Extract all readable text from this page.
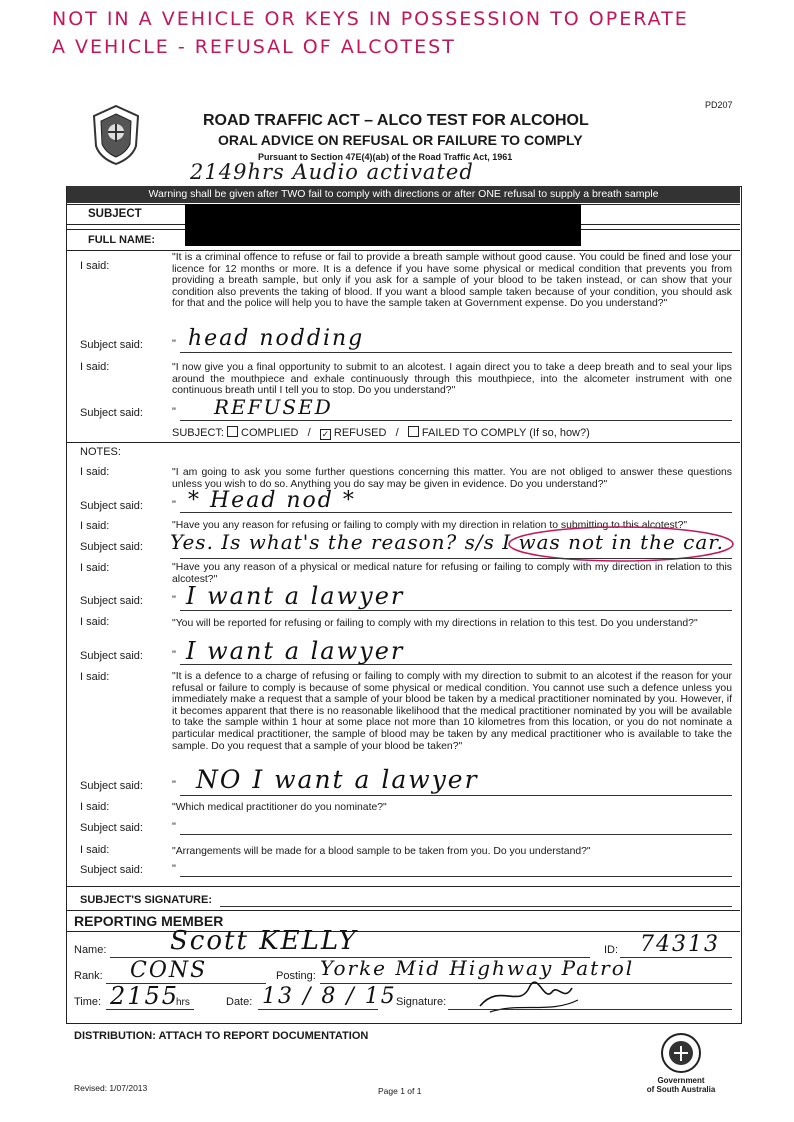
NOT IN A VEHICLE OR KEYS IN POSSESSION TO OPERATE
A VEHICLE - REFUSAL OF ALCOTEST
PD207
ROAD TRAFFIC ACT – ALCO TEST FOR ALCOHOL
ORAL ADVICE ON REFUSAL OR FAILURE TO COMPLY
Pursuant to Section 47E(4)(ab) of the Road Traffic Act, 1961
2149hrs Audio activated
Warning shall be given after TWO fail to comply with directions or after ONE refusal to supply a breath sample
SUBJECT
FULL NAME:
I said:
"It is a criminal offence to refuse or fail to provide a breath sample without good cause. You could be fined and lose your licence for 12 months or more. It is a defence if you have some physical or medical condition that prevents you from providing a breath sample, but only if you ask for a sample of your blood to be taken instead, or can show that your condition also prevents the taking of blood. If you want a blood sample taken because of your condition, you should ask for that and the police will help you to have the sample taken at Government expense. Do you understand?"
Subject said:	" head nodding
I said:	"I now give you a final opportunity to submit to an alcotest. I again direct you to take a deep breath and to seal your lips around the mouthpiece and exhale continuously through this mouthpiece, into the alcometer instrument with one continuous breath until I tell you to stop. Do you understand?"
Subject said:	" REFUSED
SUBJECT: COMPLIED   /   ✓ REFUSED   /   FAILED TO COMPLY (If so, how?)
NOTES:
I said:	"I am going to ask you some further questions concerning this matter. You are not obliged to answer these questions unless you wish to do so. Anything you do say may be given in evidence. Do you understand?"
Subject said:	" * Head nod *
I said:	"Have you any reason for refusing or failing to comply with my direction in relation to submitting to this alcotest?"
Subject said: Yes. Is what's the reason? s/s I was not in the car.
I said:	"Have you any reason of a physical or medical nature for refusing or failing to comply with my direction in relation to this alcotest?"
Subject said:	" I want a lawyer
I said:	"You will be reported for refusing or failing to comply with my directions in relation to this test. Do you understand?"
Subject said:	" I want a lawyer
I said:	"It is a defence to a charge of refusing or failing to comply with my direction to submit to an alcotest if the reason for your refusal or failure to comply is because of some physical or medical condition. You cannot use such a defence unless you immediately make a request that a sample of your blood be taken by a medical practitioner nominated by you. However, if it becomes apparent that there is no reasonable likelihood that the medical practitioner nominated by you will be available to take the sample within 1 hour at some place not more than 10 kilometres from this location, or you do not nominate a particular medical practitioner, the sample of blood may be taken by any medical practitioner who is available to take the sample. Do you request that a sample of your blood be taken?"
Subject said:	" NO I want a lawyer
I said:	"Which medical practitioner do you nominate?"
Subject said:	"
I said:	"Arrangements will be made for a blood sample to be taken from you. Do you understand?"
Subject said:	"
SUBJECT'S SIGNATURE:
REPORTING MEMBER
Name: Scott KELLY	ID: 74313
Rank: CONS	Posting: Yorke Mid Highway Patrol
Time: 2155
hrs	Date: 13 / 8 / 15 Signature:
DISTRIBUTION: ATTACH TO REPORT DOCUMENTATION
Revised: 1/07/2013	Page 1 of 1
Government
of South Australia
